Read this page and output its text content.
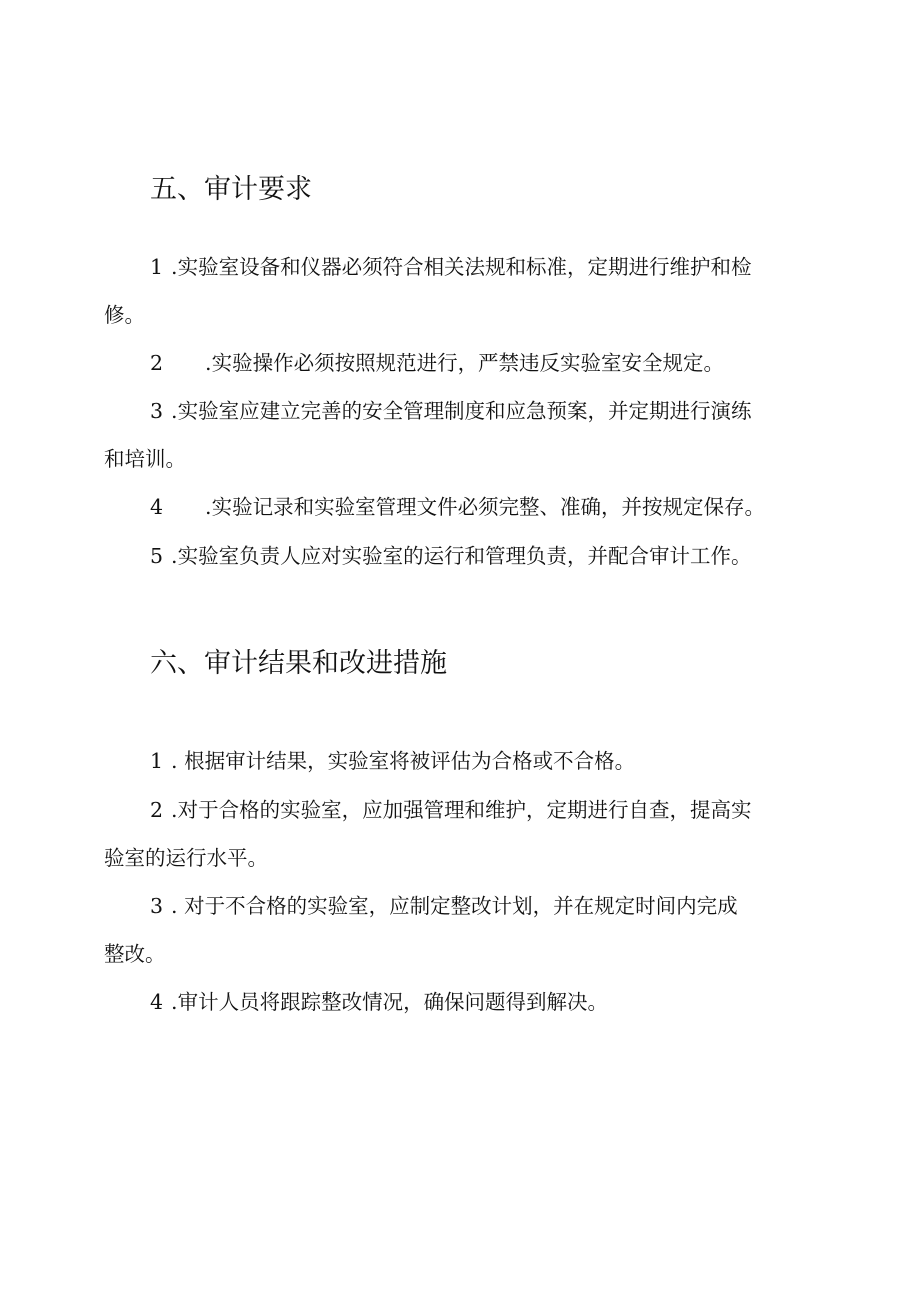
五、审计要求

1 .实验室设备和仪器必须符合相关法规和标准，定期进行维护和检
修。

2 .实验操作必须按照规范进行，严禁违反实验室安全规定。

3 .实验室应建立完善的安全管理制度和应急预案，并定期进行演练
和培训。

4 .实验记录和实验室管理文件必须完整、准确，并按规定保存。

5 .实验室负责人应对实验室的运行和管理负责，并配合审计工作。

六、审计结果和改进措施

1 . 根据审计结果，实验室将被评估为合格或不合格。

2 .对于合格的实验室，应加强管理和维护，定期进行自查，提高实
验室的运行水平。

3 . 对于不合格的实验室，应制定整改计划，并在规定时间内完成
整改。

4 .审计人员将跟踪整改情况，确保问题得到解决。
